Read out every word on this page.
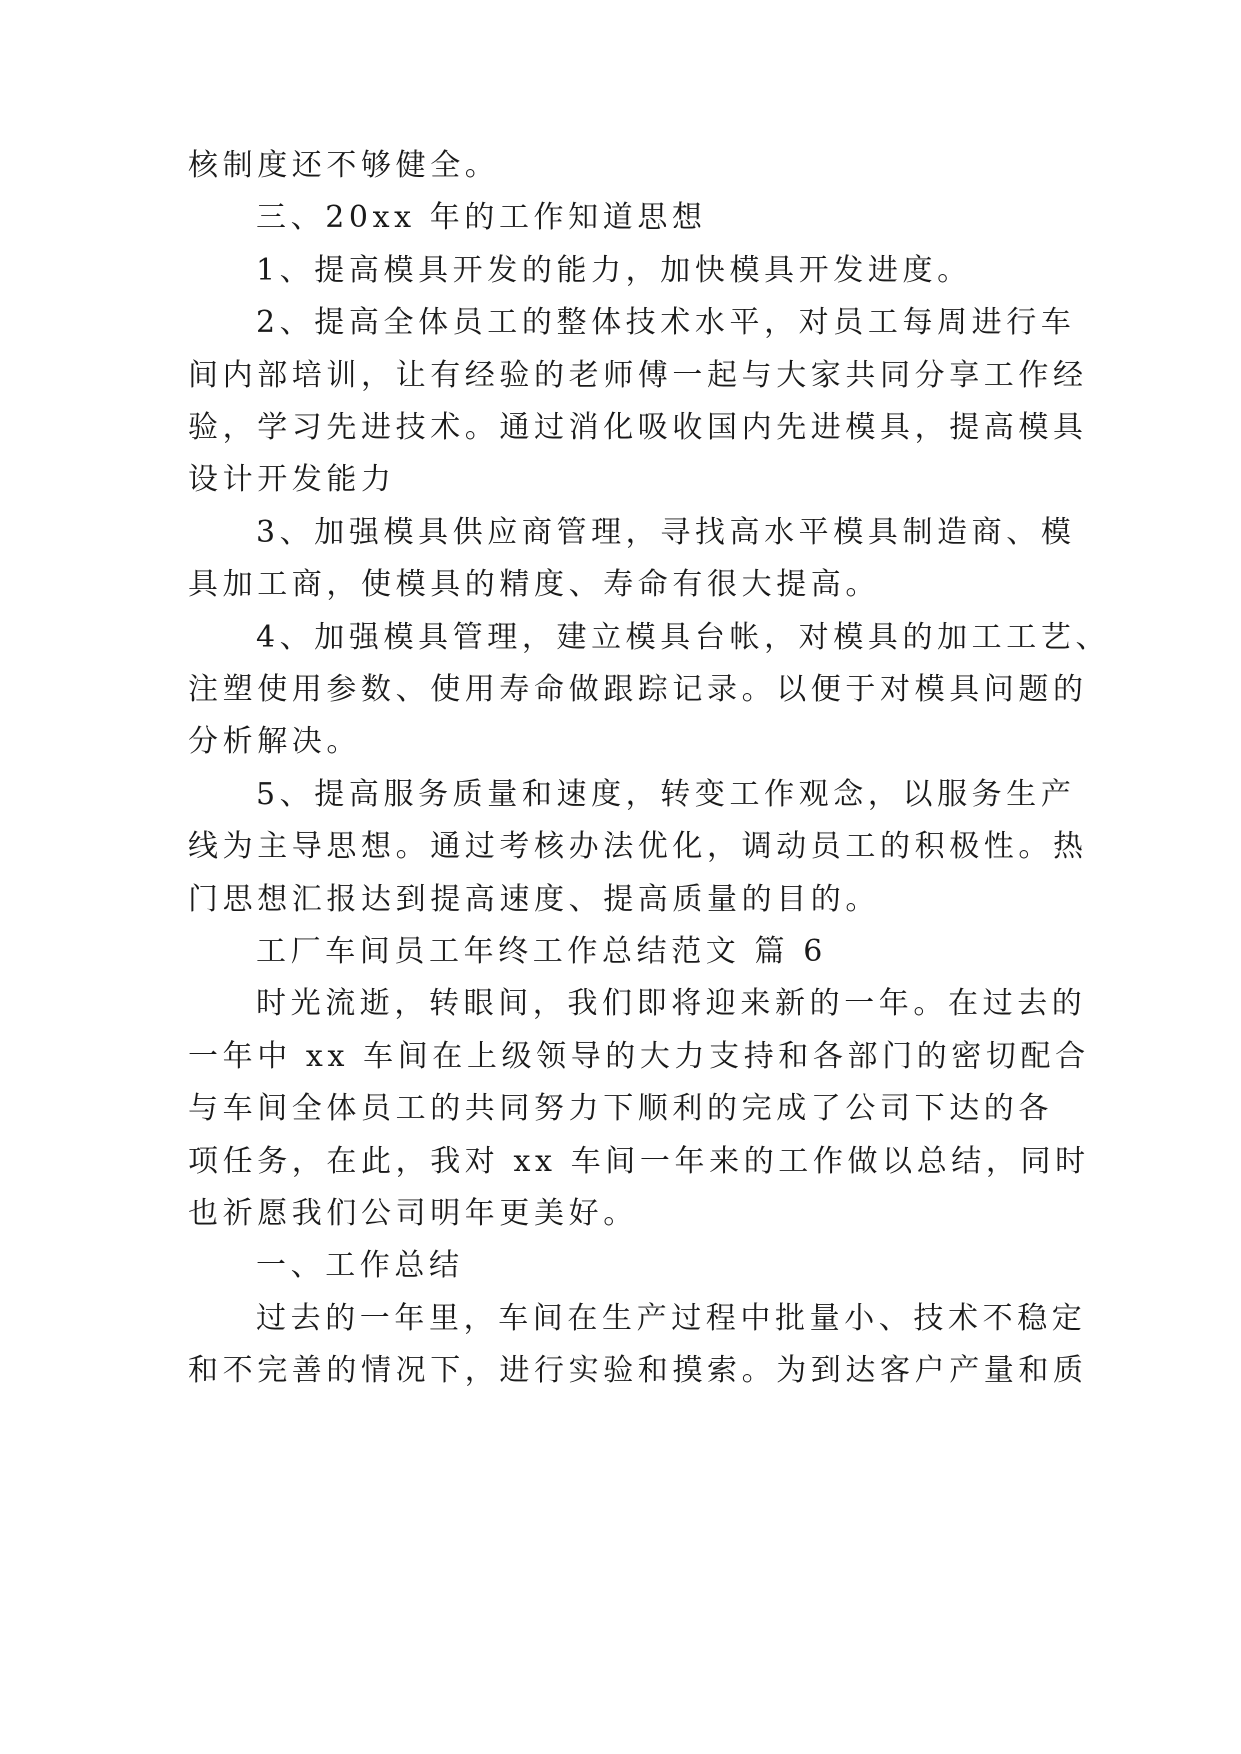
核制度还不够健全。
三、20xx 年的工作知道思想
1、提高模具开发的能力，加快模具开发进度。
2、提高全体员工的整体技术水平，对员工每周进行车
间内部培训，让有经验的老师傅一起与大家共同分享工作经
验，学习先进技术。通过消化吸收国内先进模具，提高模具
设计开发能力
3、加强模具供应商管理，寻找高水平模具制造商、模
具加工商，使模具的精度、寿命有很大提高。
4、加强模具管理，建立模具台帐，对模具的加工工艺、
注塑使用参数、使用寿命做跟踪记录。以便于对模具问题的
分析解决。
5、提高服务质量和速度，转变工作观念，以服务生产
线为主导思想。通过考核办法优化，调动员工的积极性。热
门思想汇报达到提高速度、提高质量的目的。
工厂车间员工年终工作总结范文 篇 6
时光流逝，转眼间，我们即将迎来新的一年。在过去的
一年中 xx 车间在上级领导的大力支持和各部门的密切配合
与车间全体员工的共同努力下顺利的完成了公司下达的各
项任务，在此，我对 xx 车间一年来的工作做以总结，同时
也祈愿我们公司明年更美好。
一、工作总结
过去的一年里，车间在生产过程中批量小、技术不稳定
和不完善的情况下，进行实验和摸索。为到达客户产量和质
